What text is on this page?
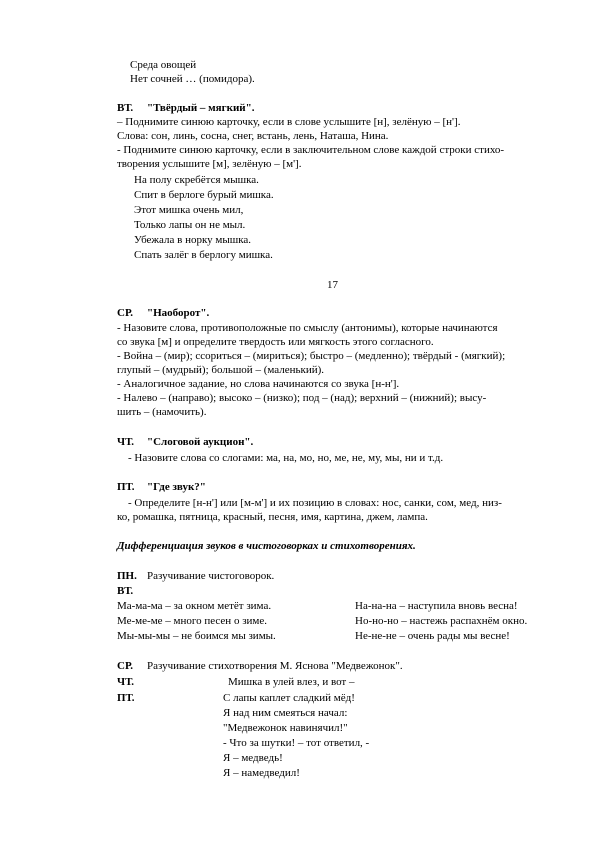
Среда овощей
Нет сочней … (помидора).
ВТ. "Твёрдый – мягкий".
– Поднимите синюю карточку, если в слове услышите [н], зелёную – [н'].
Слова: сон, линь, сосна, снег, встань, лень, Наташа, Нина.
- Поднимите синюю карточку, если в заключительном слове каждой строки стихо-
творения услышите [м], зелёную – [м'].
На полу скребётся мышка.
Спит в берлоге бурый мишка.
Этот мишка очень мил,
Только лапы он не мыл.
Убежала в норку мышка.
Спать залёг в берлогу мишка.
17
СР. "Наоборот".
- Назовите слова, противоположные по смыслу (антонимы), которые начинаются
со звука [м] и определите твердость или мягкость этого согласного.
- Война – (мир); ссориться – (мириться); быстро – (медленно); твёрдый - (мягкий);
глупый – (мудрый); большой – (маленький).
- Аналогичное задание, но слова начинаются со звука [н-н'].
- Налево – (направо); высоко – (низко); под – (над); верхний – (нижний); высу-
шить – (намочить).
ЧТ. "Слоговой аукцион".
- Назовите слова со слогами: ма, на, мо, но, ме, не, му, мы, ни и т.д.
ПТ. "Где звук?"
- Определите [н-н'] или [м-м'] и их позицию в словах: нос, санки, сом, мед, низ-
ко, ромашка, пятница, красный, песня, имя, картина, джем, лампа.
Дифференциация звуков в чистоговорках и стихотворениях.
ПН. Разучивание чистоговорок.
ВТ.
Ма-ма-ма – за окном метёт зима.	На-на-на – наступила вновь весна!
Ме-ме-ме – много песен о зиме.	Но-но-но – настежь распахнём окно.
Мы-мы-мы – не боимся мы зимы.	Не-не-не – очень рады мы весне!
СР. Разучивание стихотворения М. Яснова "Медвежонок".
ЧТ.	Мишка в улей влез, и вот –
ПТ.	С лапы каплет сладкий мёд!
Я над ним смеяться начал:
"Медвежонок навинячил!"
- Что за шутки! – тот ответил, -
Я – медведь!
Я – намедведил!
